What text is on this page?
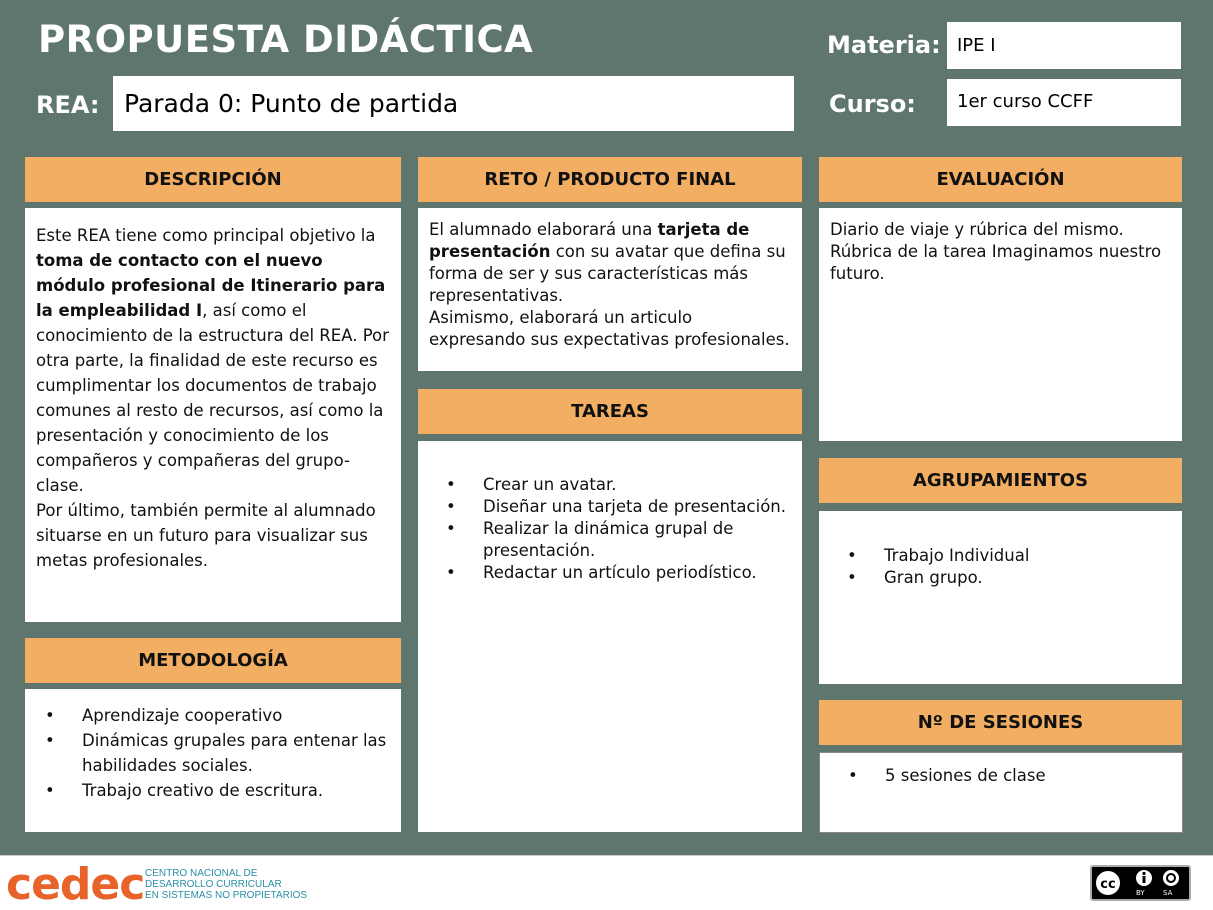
PROPUESTA DIDÁCTICA	Materia: IPE I
REA: Parada 0: Punto de partida	Curso:	1er curso CCFF
DESCRIPCIÓN
Este REA tiene como principal objetivo la toma de contacto con el nuevo módulo profesional de Itinerario para la empleabilidad I, así como el conocimiento de la estructura del REA. Por otra parte, la finalidad de este recurso es cumplimentar los documentos de trabajo comunes al resto de recursos, así como la presentación y conocimiento de los compañeros y compañeras del grupo-clase.
Por último, también permite al alumnado situarse en un futuro para visualizar sus metas profesionales.
METODOLOGÍA
• Aprendizaje cooperativo
• Dinámicas grupales para entenar las habilidades sociales.
• Trabajo creativo de escritura.
RETO / PRODUCTO FINAL
El alumnado elaborará una tarjeta de presentación con su avatar que defina su forma de ser y sus características más representativas.
Asimismo, elaborará un articulo expresando sus expectativas profesionales.
TAREAS
• Crear un avatar.
• Diseñar una tarjeta de presentación.
• Realizar la dinámica grupal de presentación.
• Redactar un artículo periodístico.
EVALUACIÓN
Diario de viaje y rúbrica del mismo. Rúbrica de la tarea Imaginamos nuestro futuro.
AGRUPAMIENTOS
• Trabajo Individual
• Gran grupo.
Nº DE SESIONES
• 5 sesiones de clase
cedec CENTRO NACIONAL DE
DESARROLLO CURRICULAR
EN SISTEMAS NO PROPIETARIOS
cc
BY	SA
